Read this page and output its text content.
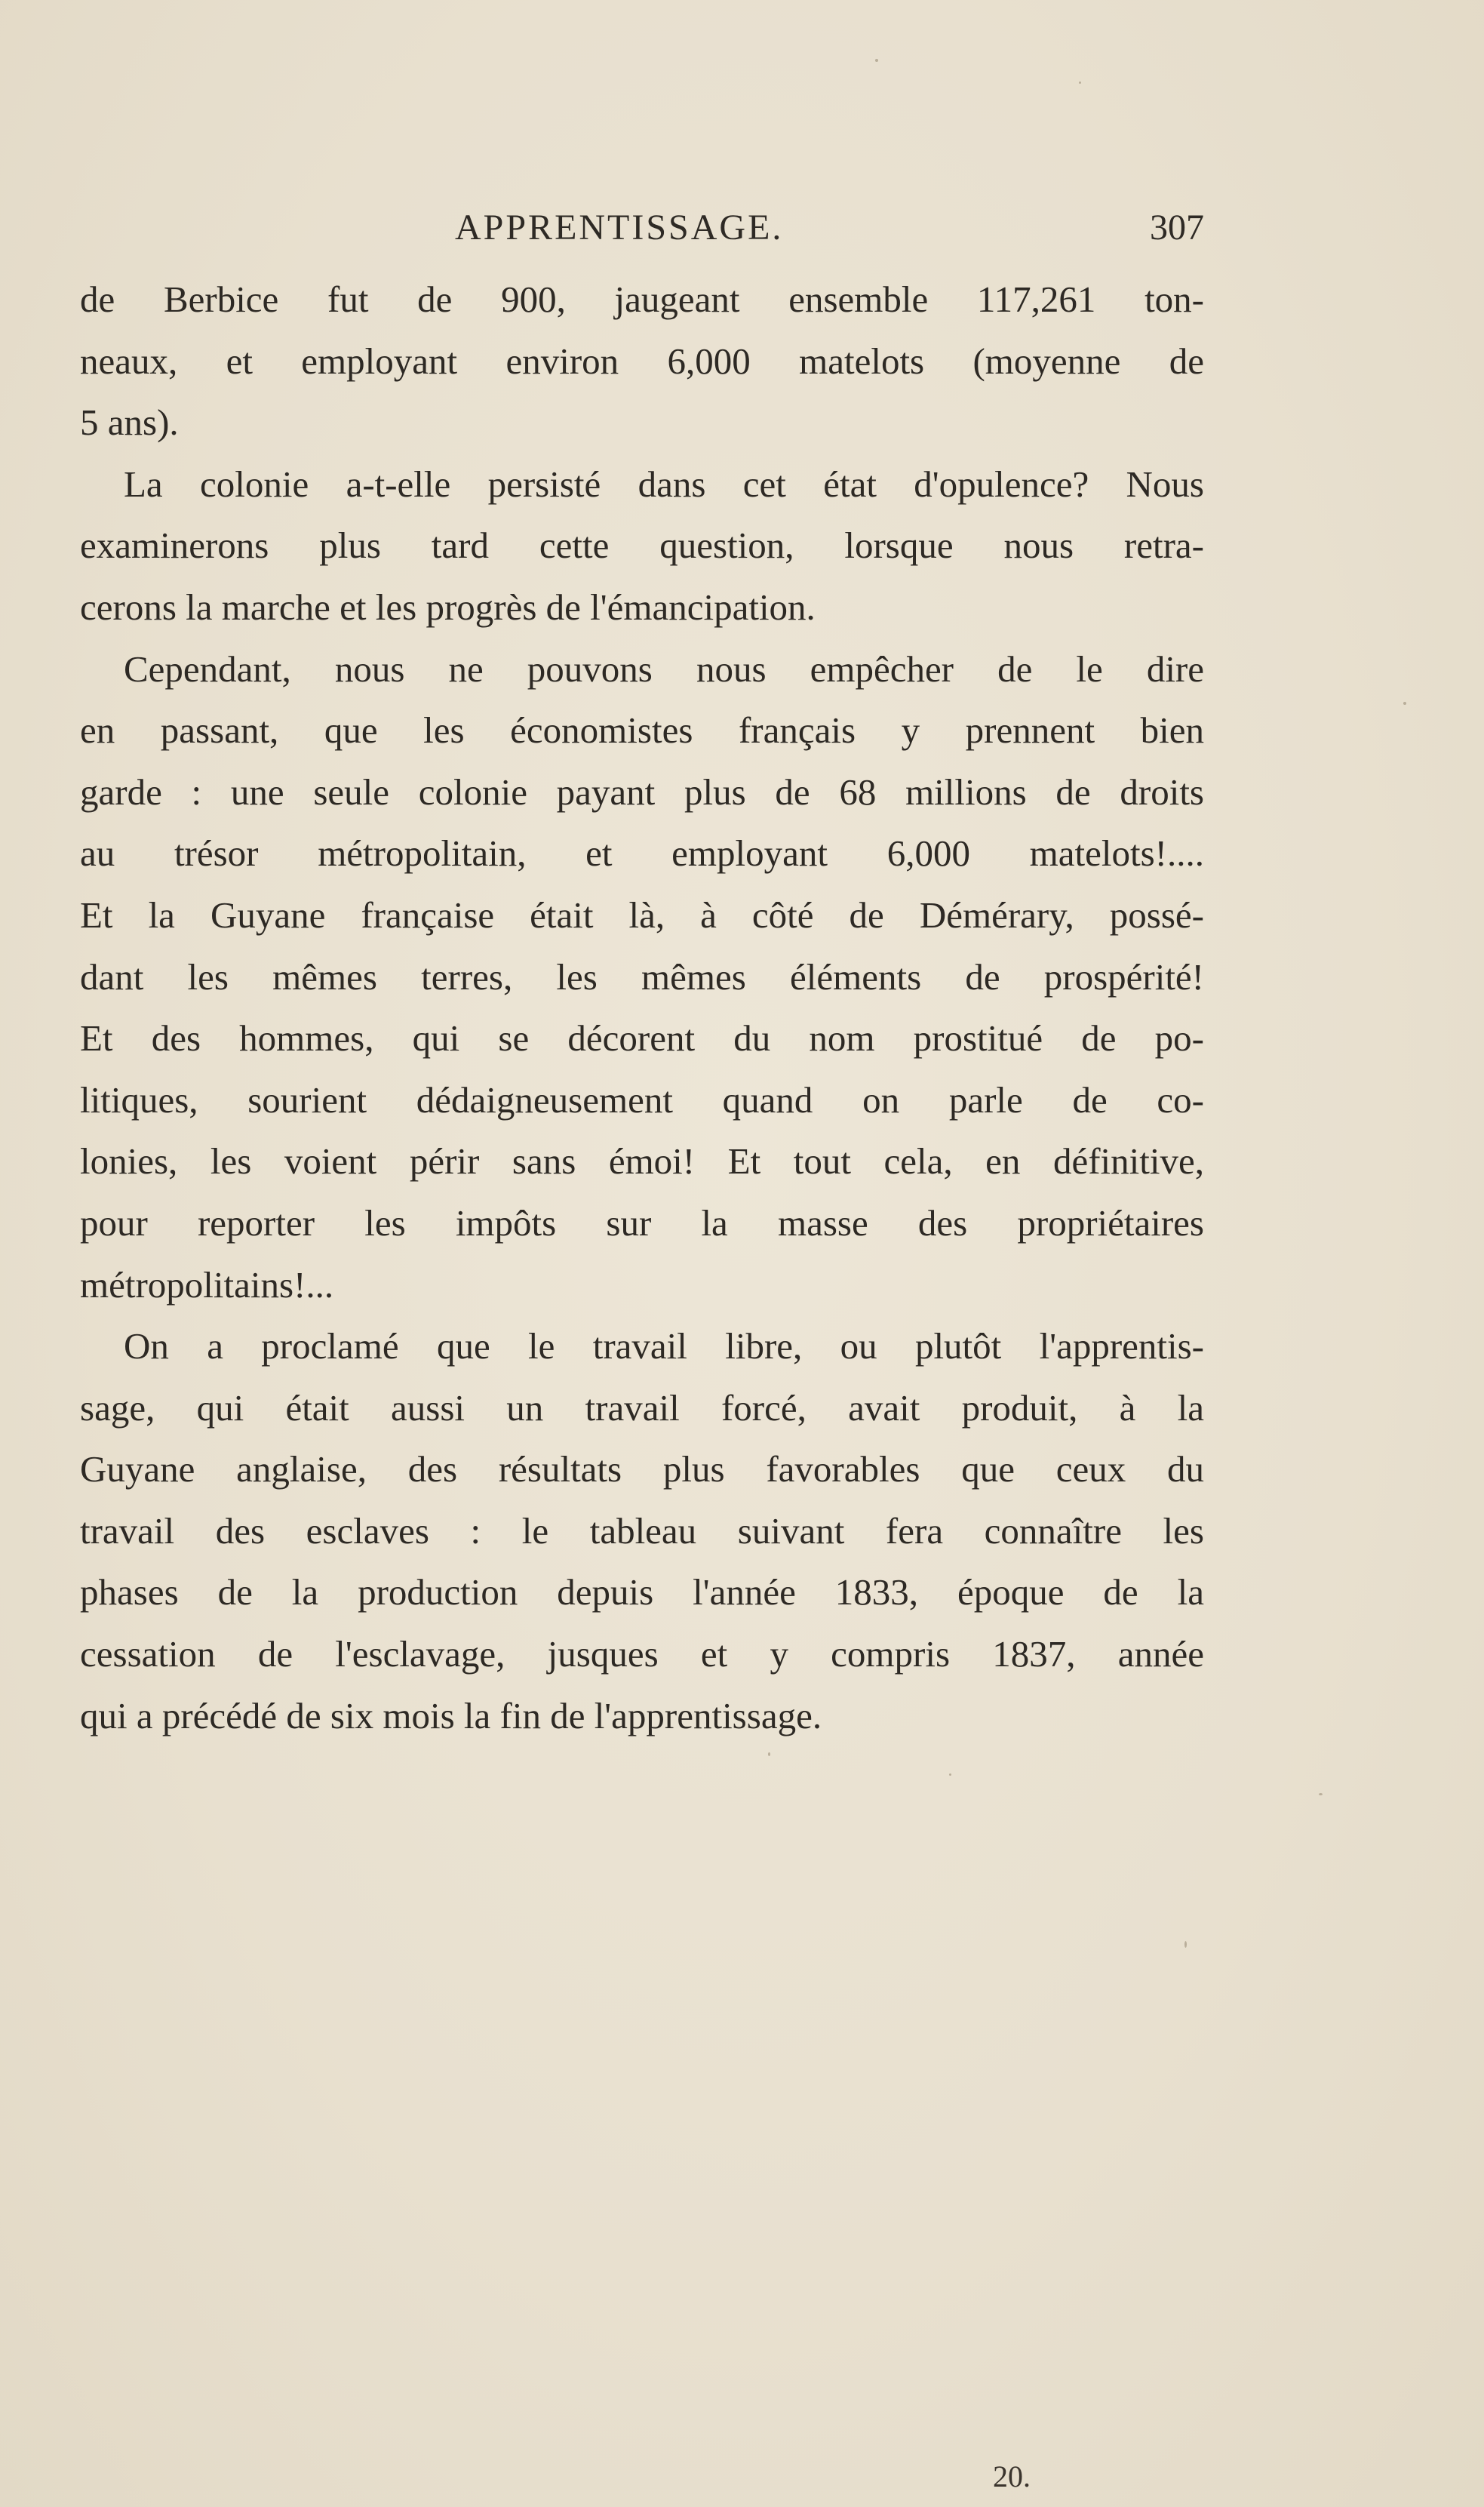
APPRENTISSAGE.	307

de Berbice fut de 900, jaugeant ensemble 117,261 ton-
neaux, et employant environ 6,000 matelots (moyenne de
5 ans).

La colonie a-t-elle persisté dans cet état d'opulence? Nous
examinerons plus tard cette question, lorsque nous retra-
cerons la marche et les progrès de l'émancipation.

Cependant, nous ne pouvons nous empêcher de le dire
en passant, que les économistes français y prennent bien
garde : une seule colonie payant plus de 68 millions de droits
au trésor métropolitain, et employant 6,000 matelots!....
Et la Guyane française était là, à côté de Démérary, possé-
dant les mêmes terres, les mêmes éléments de prospérité!
Et des hommes, qui se décorent du nom prostitué de po-
litiques, sourient dédaigneusement quand on parle de co-
lonies, les voient périr sans émoi! Et tout cela, en définitive,
pour reporter les impôts sur la masse des propriétaires
métropolitains!...

On a proclamé que le travail libre, ou plutôt l'apprentis-
sage, qui était aussi un travail forcé, avait produit, à la
Guyane anglaise, des résultats plus favorables que ceux du
travail des esclaves : le tableau suivant fera connaître les
phases de la production depuis l'année 1833, époque de la
cessation de l'esclavage, jusques et y compris 1837, année
qui a précédé de six mois la fin de l'apprentissage.

20.
